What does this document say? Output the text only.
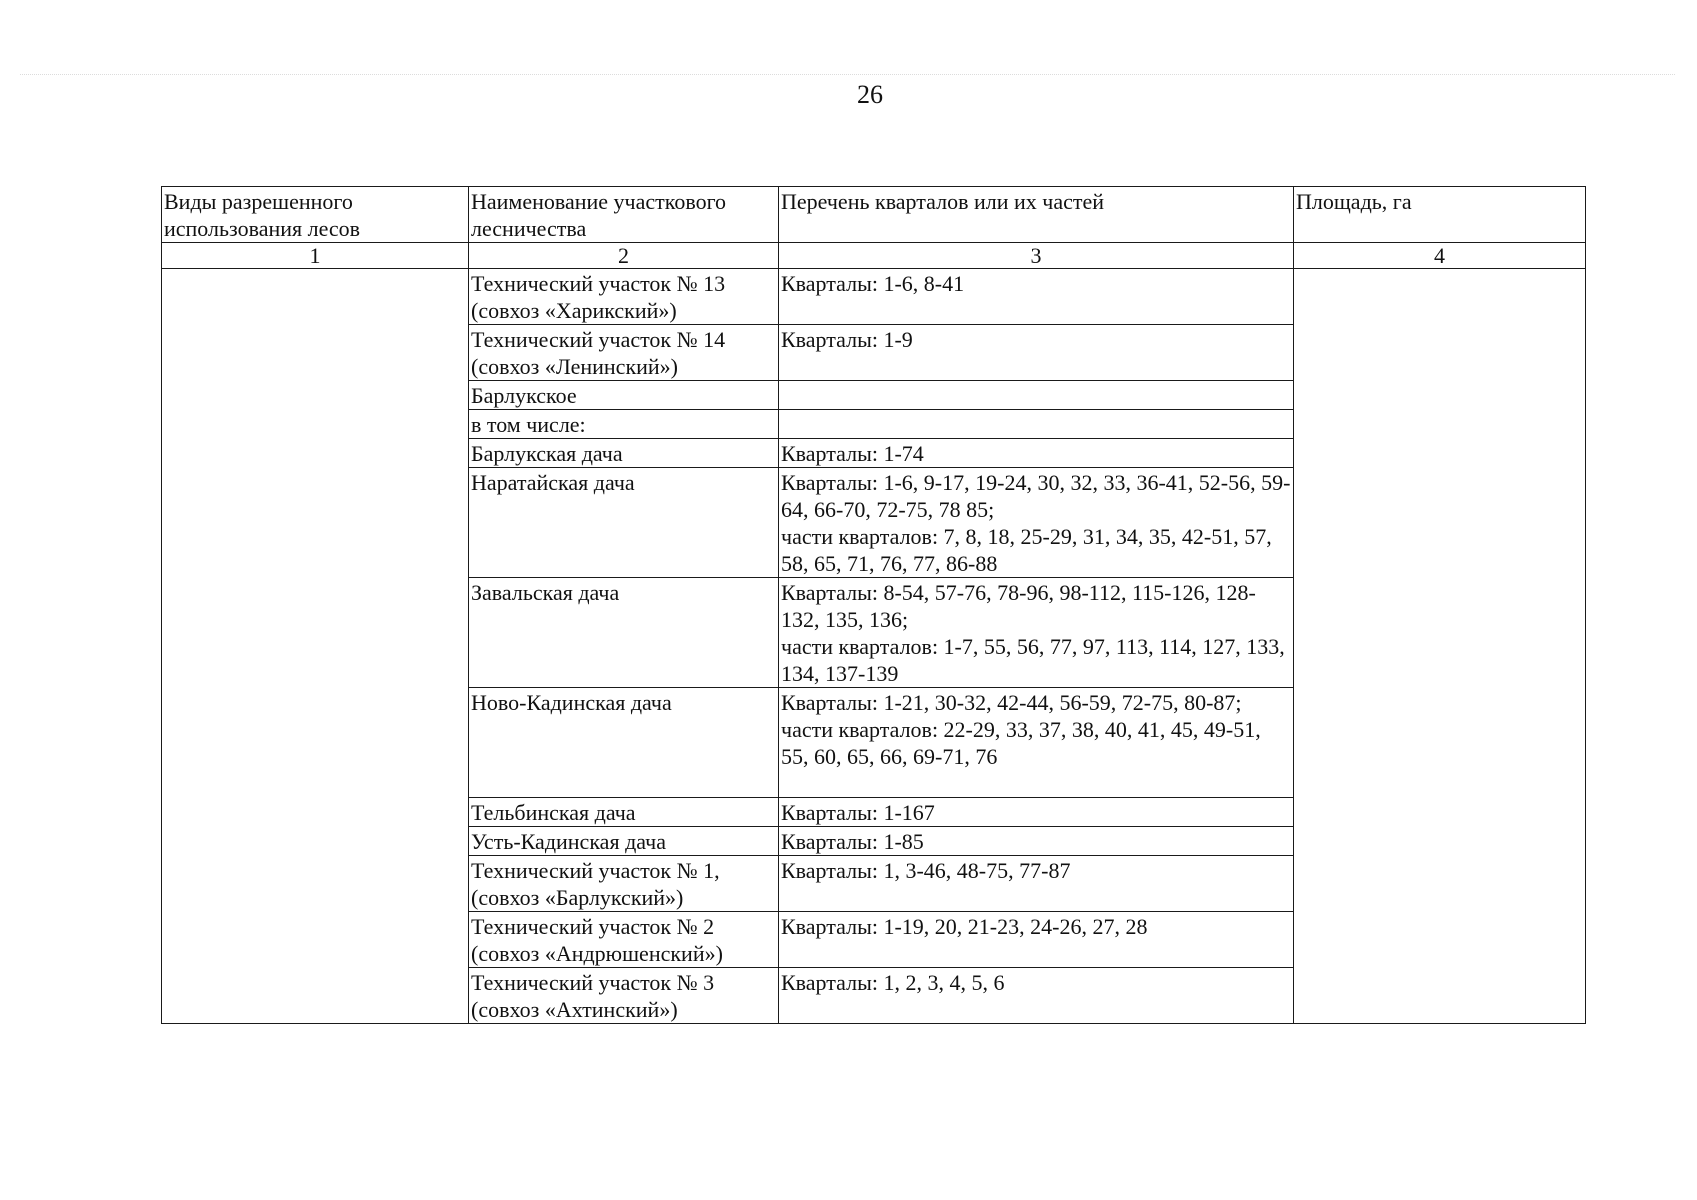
26
Виды разрешенного использования лесов	Наименование участкового лесничества	Перечень кварталов или их частей	Площадь, га
1	2	3	4
	Технический участок № 13 (совхоз «Харикский»)	Кварталы: 1-6, 8-41	
	Технический участок № 14 (совхоз «Ленинский»)	Кварталы: 1-9	
	Барлукское		
	в том числе:		
	Барлукская дача	Кварталы: 1-74	
	Наратайская дача	Кварталы: 1-6, 9-17, 19-24, 30, 32, 33, 36-41, 52-56, 59-64, 66-70, 72-75, 78 85;
части кварталов: 7, 8, 18, 25-29, 31, 34, 35, 42-51, 57, 58, 65, 71, 76, 77, 86-88	

	Завальская дача	Кварталы: 8-54, 57-76, 78-96, 98-112, 115-126, 128-132, 135, 136;
части кварталов: 1-7, 55, 56, 77, 97, 113, 114, 127, 133, 134, 137-139	

	Ново-Кадинская дача	Кварталы: 1-21, 30-32, 42-44, 56-59, 72-75, 80-87;
части кварталов: 22-29, 33, 37, 38, 40, 41, 45, 49-51, 55, 60, 65, 66, 69-71, 76	

	Тельбинская дача	Кварталы: 1-167	
	Усть-Кадинская дача	Кварталы: 1-85	
	Технический участок № 1, (совхоз «Барлукский»)	Кварталы: 1, 3-46, 48-75, 77-87	
	Технический участок № 2 (совхоз «Андрюшенский»)	Кварталы: 1-19, 20, 21-23, 24-26, 27, 28	
	Технический участок № 3 (совхоз «Ахтинский»)	Кварталы: 1, 2, 3, 4, 5, 6	
